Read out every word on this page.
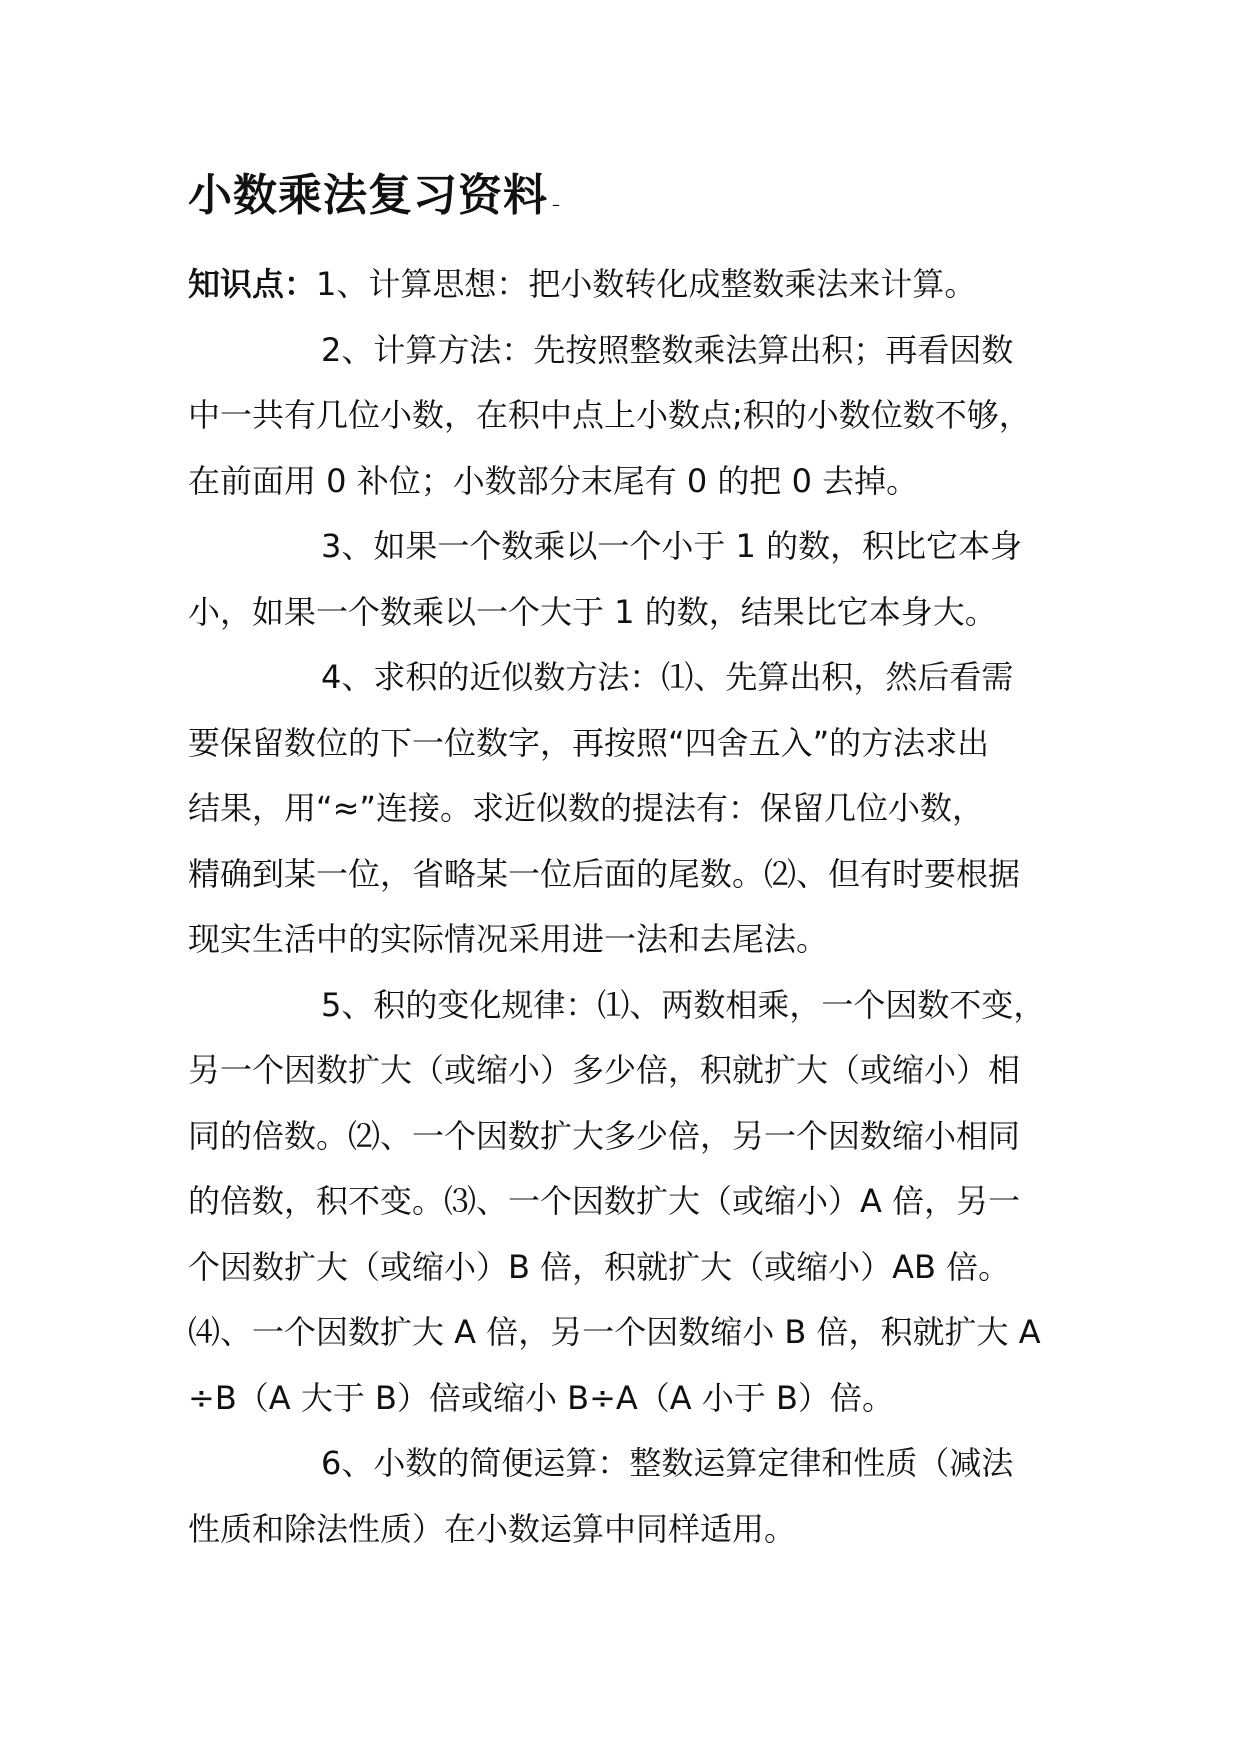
小数乘法复习资料 –
知识点：1、计算思想：把小数转化成整数乘法来计算。
2、计算方法：先按照整数乘法算出积；再看因数
中一共有几位小数，在积中点上小数点;积的小数位数不够，
在前面用 0 补位；小数部分末尾有 0 的把 0 去掉。
3、如果一个数乘以一个小于 1 的数，积比它本身
小，如果一个数乘以一个大于 1 的数，结果比它本身大。
4、求积的近似数方法：⑴、先算出积，然后看需
要保留数位的下一位数字，再按照“四舍五入”的方法求出
结果，用“≈”连接。求近似数的提法有：保留几位小数，
精确到某一位，省略某一位后面的尾数。⑵、但有时要根据
现实生活中的实际情况采用进一法和去尾法。
5、积的变化规律：⑴、两数相乘，一个因数不变，
另一个因数扩大（或缩小）多少倍，积就扩大（或缩小）相
同的倍数。⑵、一个因数扩大多少倍，另一个因数缩小相同
的倍数，积不变。⑶、一个因数扩大（或缩小）A 倍，另一
个因数扩大（或缩小）B 倍，积就扩大（或缩小）AB 倍。
⑷、一个因数扩大 A 倍，另一个因数缩小 B 倍，积就扩大 A
÷B（A 大于 B）倍或缩小 B÷A（A 小于 B）倍。
6、小数的简便运算：整数运算定律和性质（减法
性质和除法性质）在小数运算中同样适用。
